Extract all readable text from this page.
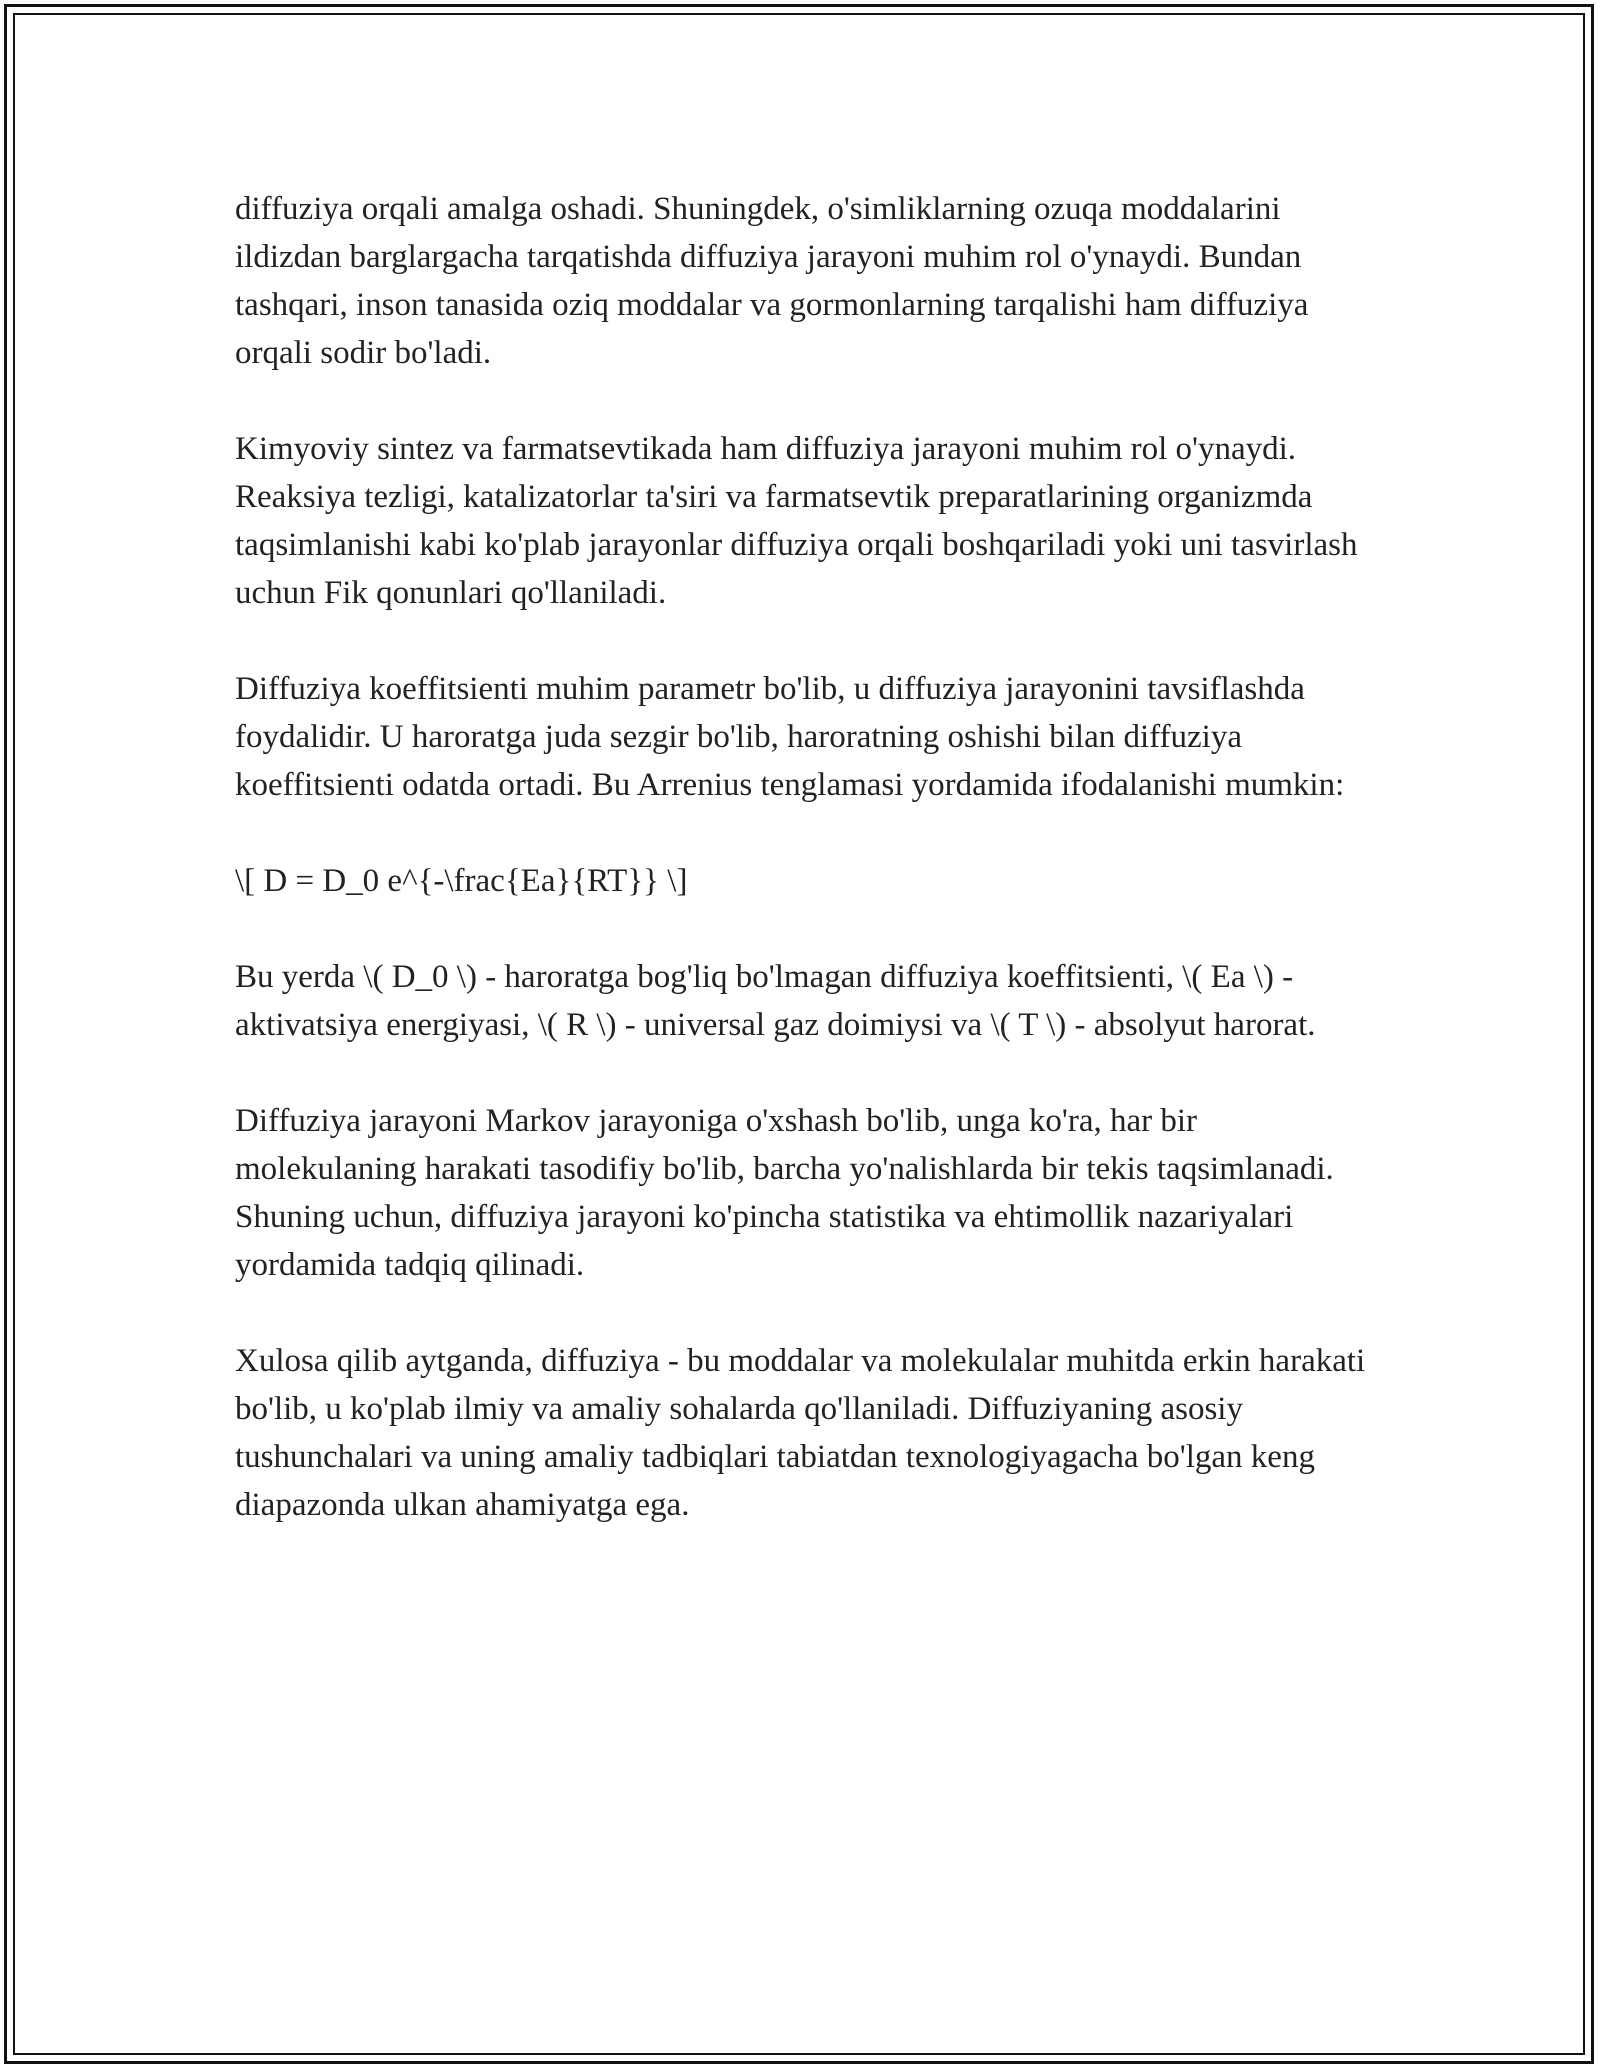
diffuziya orqali amalga oshadi. Shuningdek, o'simliklarning ozuqa moddalarini ildizdan barglargacha tarqatishda diffuziya jarayoni muhim rol o'ynaydi. Bundan tashqari, inson tanasida oziq moddalar va gormonlarning tarqalishi ham diffuziya orqali sodir bo'ladi.

Kimyoviy sintez va farmatsevtikada ham diffuziya jarayoni muhim rol o'ynaydi. Reaksiya tezligi, katalizatorlar ta'siri va farmatsevtik preparatlarining organizmda taqsimlanishi kabi ko'plab jarayonlar diffuziya orqali boshqariladi yoki uni tasvirlash uchun Fik qonunlari qo'llaniladi.

Diffuziya koeffitsienti muhim parametr bo'lib, u diffuziya jarayonini tavsiflashda foydalidir. U haroratga juda sezgir bo'lib, haroratning oshishi bilan diffuziya koeffitsienti odatda ortadi. Bu Arrenius tenglamasi yordamida ifodalanishi mumkin:

\[ D = D_0 e^{-\frac{Ea}{RT}} \]

Bu yerda \( D_0 \) - haroratga bog'liq bo'lmagan diffuziya koeffitsienti, \( Ea \) - aktivatsiya energiyasi, \( R \) - universal gaz doimiysi va \( T \) - absolyut harorat.

Diffuziya jarayoni Markov jarayoniga o'xshash bo'lib, unga ko'ra, har bir molekulaning harakati tasodifiy bo'lib, barcha yo'nalishlarda bir tekis taqsimlanadi. Shuning uchun, diffuziya jarayoni ko'pincha statistika va ehtimollik nazariyalari yordamida tadqiq qilinadi.

Xulosa qilib aytganda, diffuziya - bu moddalar va molekulalar muhitda erkin harakati bo'lib, u ko'plab ilmiy va amaliy sohalarda qo'llaniladi. Diffuziyaning asosiy tushunchalari va uning amaliy tadbiqlari tabiatdan texnologiyagacha bo'lgan keng diapazonda ulkan ahamiyatga ega.
